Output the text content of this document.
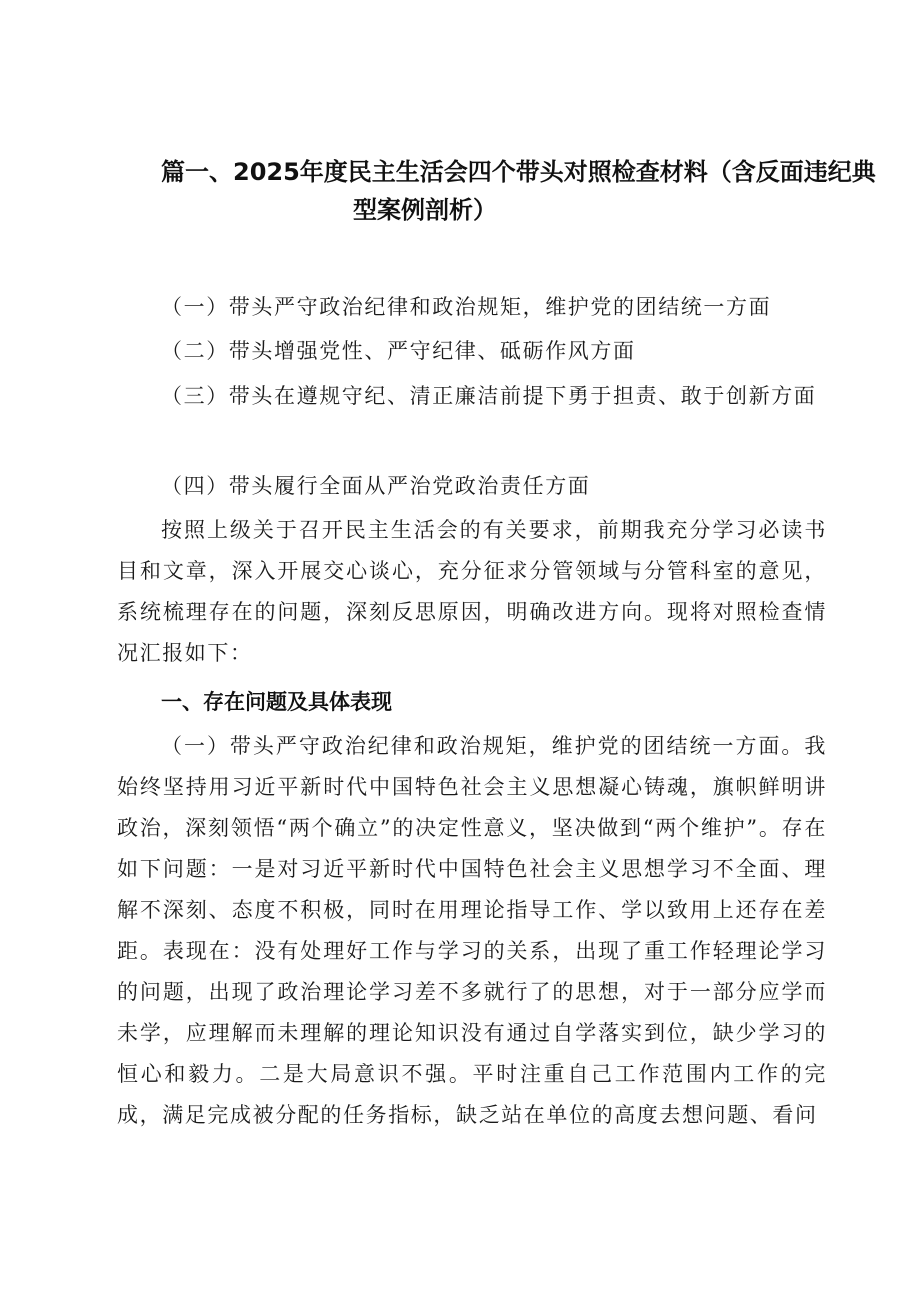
篇一、2025年度民主生活会四个带头对照检查材料（含反面违纪典
型案例剖析）

（一）带头严守政治纪律和政治规矩，维护党的团结统一方面

（二）带头增强党性、严守纪律、砥砺作风方面

（三）带头在遵规守纪、清正廉洁前提下勇于担责、敢于创新方面

（四）带头履行全面从严治党政治责任方面

按照上级关于召开民主生活会的有关要求，前期我充分学习必读书目和文章，深入开展交心谈心，充分征求分管领域与分管科室的意见，系统梳理存在的问题，深刻反思原因，明确改进方向。现将对照检查情况汇报如下：

一、存在问题及具体表现

（一）带头严守政治纪律和政治规矩，维护党的团结统一方面。我始终坚持用习近平新时代中国特色社会主义思想凝心铸魂，旗帜鲜明讲政治，深刻领悟“两个确立”的决定性意义，坚决做到“两个维护”。存在如下问题：一是对习近平新时代中国特色社会主义思想学习不全面、理解不深刻、态度不积极，同时在用理论指导工作、学以致用上还存在差距。表现在：没有处理好工作与学习的关系，出现了重工作轻理论学习的问题，出现了政治理论学习差不多就行了的思想，对于一部分应学而未学，应理解而未理解的理论知识没有通过自学落实到位，缺少学习的恒心和毅力。二是大局意识不强。平时注重自己工作范围内工作的完成，满足完成被分配的任务指标，缺乏站在单位的高度去想问题、看问
